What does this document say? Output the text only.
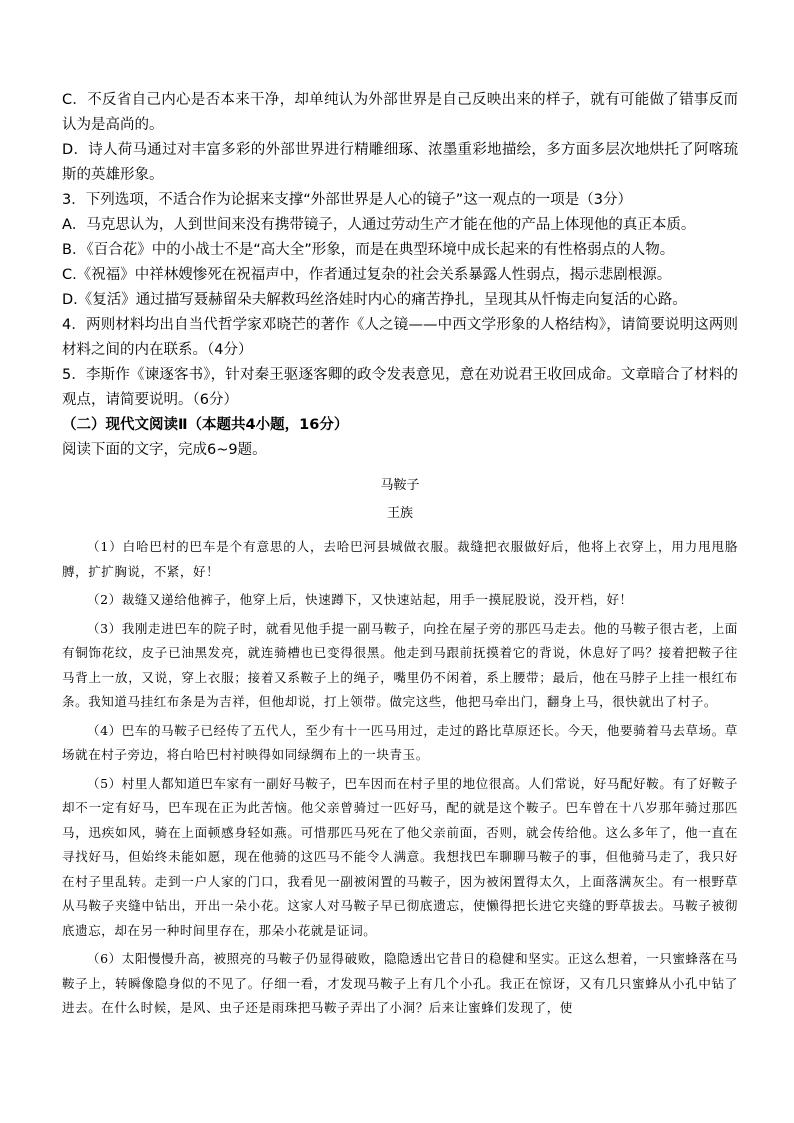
C．不反省自己内心是否本来干净，却单纯认为外部世界是自己反映出来的样子，就有可能做了错事反而认为是高尚的。

D．诗人荷马通过对丰富多彩的外部世界进行精雕细琢、浓墨重彩地描绘，多方面多层次地烘托了阿喀琉斯的英雄形象。

3．下列选项，不适合作为论据来支撑“外部世界是人心的镜子”这一观点的一项是（3分）

A．马克思认为，人到世间来没有携带镜子，人通过劳动生产才能在他的产品上体现他的真正本质。

B．《百合花》中的小战士不是“高大全”形象，而是在典型环境中成长起来的有性格弱点的人物。

C.《祝福》中祥林嫂惨死在祝福声中，作者通过复杂的社会关系暴露人性弱点，揭示悲剧根源。

D.《复活》通过描写聂赫留朵夫解救玛丝洛娃时内心的痛苦挣扎，呈现其从忏悔走向复活的心路。

4．两则材料均出自当代哲学家邓晓芒的著作《人之镜——中西文学形象的人格结构》，请简要说明这两则材料之间的内在联系。（4分）

5．李斯作《谏逐客书》，针对秦王驱逐客卿的政令发表意见，意在劝说君王收回成命。文章暗合了材料的观点，请简要说明。（6分）

（二）现代文阅读Ⅱ（本题共4小题，16分）

阅读下面的文字，完成6~9题。

马鞍子
王族

（1）白哈巴村的巴车是个有意思的人，去哈巴河县城做衣服。裁缝把衣服做好后，他将上衣穿上，用力甩甩胳膊，扩扩胸说，不紧，好！

（2）裁缝又递给他裤子，他穿上后，快速蹲下，又快速站起，用手一摸屁股说，没开档，好！

（3）我刚走进巴车的院子时，就看见他手提一副马鞍子，向拴在屋子旁的那匹马走去。他的马鞍子很古老，上面有铜饰花纹，皮子已油黑发亮，就连骑槽也已变得很黑。他走到马跟前抚摸着它的背说，休息好了吗？接着把鞍子往马背上一放，又说，穿上衣服；接着又系鞍子上的绳子，嘴里仍不闲着，系上腰带；最后，他在马脖子上挂一根红布条。我知道马挂红布条是为吉祥，但他却说，打上领带。做完这些，他把马牵出门，翻身上马，很快就出了村子。

（4）巴车的马鞍子已经传了五代人，至少有十一匹马用过，走过的路比草原还长。今天，他要骑着马去草场。草场就在村子旁边，将白哈巴村衬映得如同绿绸布上的一块青玉。

（5）村里人都知道巴车家有一副好马鞍子，巴车因而在村子里的地位很高。人们常说，好马配好鞍。有了好鞍子却不一定有好马，巴车现在正为此苦恼。他父亲曾骑过一匹好马，配的就是这个鞍子。巴车曾在十八岁那年骑过那匹马，迅疾如风，骑在上面顿感身轻如燕。可惜那匹马死在了他父亲前面，否则，就会传给他。这么多年了，他一直在寻找好马，但始终未能如愿，现在他骑的这匹马不能令人满意。我想找巴车聊聊马鞍子的事，但他骑马走了，我只好在村子里乱转。走到一户人家的门口，我看见一副被闲置的马鞍子，因为被闲置得太久，上面落满灰尘。有一根野草从马鞍子夹缝中钻出，开出一朵小花。这家人对马鞍子早已彻底遗忘，使懒得把长进它夹缝的野草拔去。马鞍子被彻底遗忘，却在另一种时间里存在，那朵小花就是证词。

（6）太阳慢慢升高，被照亮的马鞍子仍显得破败，隐隐透出它昔日的稳健和坚实。正这么想着，一只蜜蜂落在马鞍子上，转瞬像隐身似的不见了。仔细一看，才发现马鞍子上有几个小孔。我正在惊讶，又有几只蜜蜂从小孔中钻了进去。在什么时候，是风、虫子还是雨珠把马鞍子弄出了小洞？后来让蜜蜂们发现了，使
